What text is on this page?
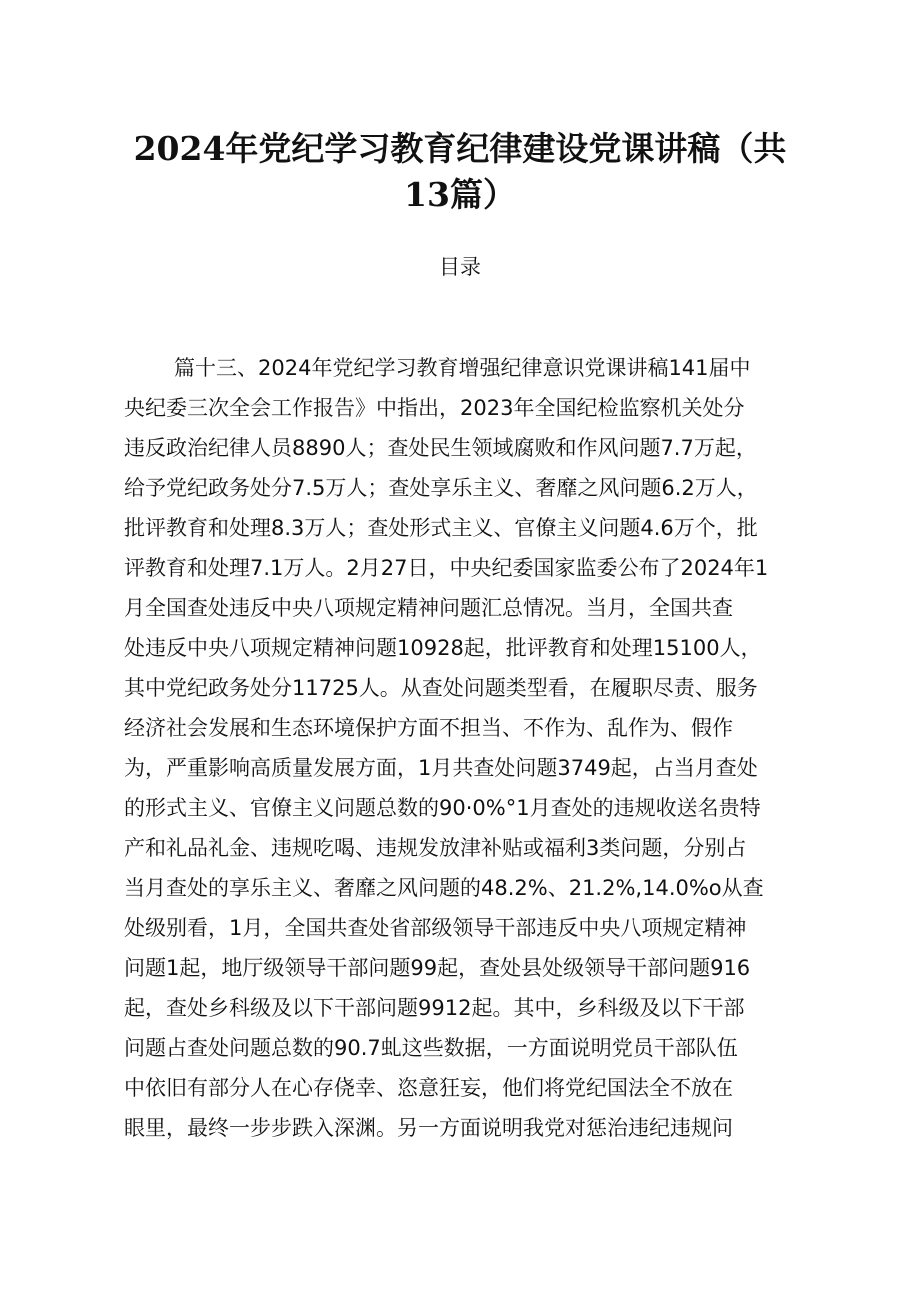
2024年党纪学习教育纪律建设党课讲稿（共
13篇）
目录
篇十三、2024年党纪学习教育增强纪律意识党课讲稿141届中
央纪委三次全会工作报告》中指出，2023年全国纪检监察机关处分
违反政治纪律人员8890人；查处民生领域腐败和作风问题7.7万起，
给予党纪政务处分7.5万人；查处享乐主义、奢靡之风问题6.2万人，
批评教育和处理8.3万人；查处形式主义、官僚主义问题4.6万个，批
评教育和处理7.1万人。2月27日，中央纪委国家监委公布了2024年1
月全国查处违反中央八项规定精神问题汇总情况。当月，全国共查
处违反中央八项规定精神问题10928起，批评教育和处理15100人，
其中党纪政务处分11725人。从查处问题类型看，在履职尽责、服务
经济社会发展和生态环境保护方面不担当、不作为、乱作为、假作
为，严重影响高质量发展方面，1月共查处问题3749起，占当月查处
的形式主义、官僚主义问题总数的90·0%°1月查处的违规收送名贵特
产和礼品礼金、违规吃喝、违规发放津补贴或福利3类问题，分别占
当月查处的享乐主义、奢靡之风问题的48.2%、21.2%,14.0%o从查
处级别看，1月，全国共查处省部级领导干部违反中央八项规定精神
问题1起，地厅级领导干部问题99起，查处县处级领导干部问题916
起，查处乡科级及以下干部问题9912起。其中，乡科级及以下干部
问题占查处问题总数的90.7虬这些数据，一方面说明党员干部队伍
中依旧有部分人在心存侥幸、恣意狂妄，他们将党纪国法全不放在
眼里，最终一步步跌入深渊。另一方面说明我党对惩治违纪违规问
